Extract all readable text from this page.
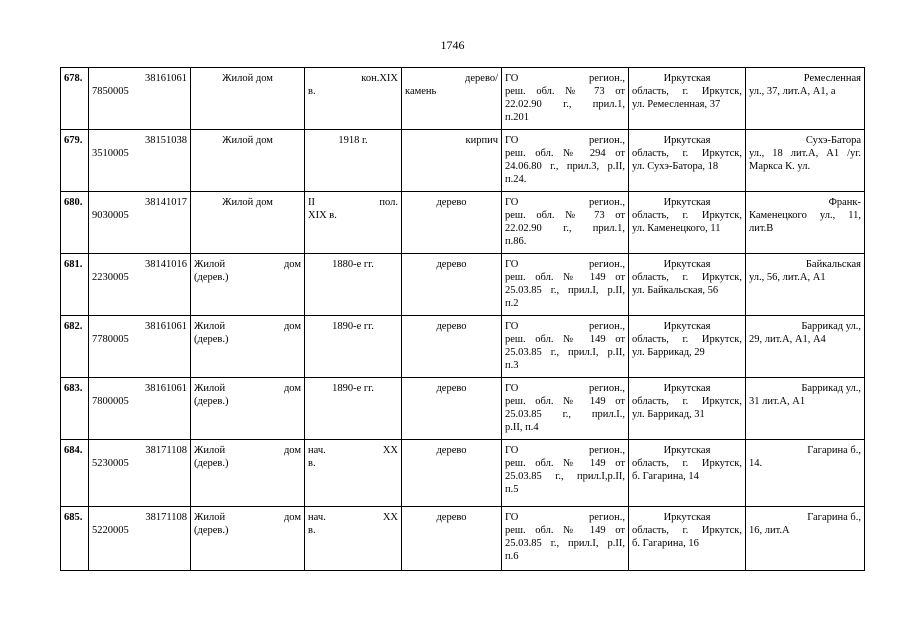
1746
678.	38161061
7850005	Жилой дом	кон.XIX
в.	дерево/
камень	ГО регион.,
реш. обл. № 73 от
22.02.90 г., прил.1,
п.201	Иркутская
область, г. Иркутск,
ул. Ремесленная, 37	Ремесленная
ул., 37, лит.А, А1, а

679.	38151038
3510005	Жилой дом	1918 г.	кирпич	ГО регион.,
реш. обл. № 294 от
24.06.80 г., прил.3, р.II,
п.24.	Иркутская
область, г. Иркутск,
ул. Сухэ-Батора, 18	Сухэ-Батора
ул., 18 лит.А, А1 /уг.
Маркса К. ул.

680.	38141017
9030005	Жилой дом	II пол.
XIX в.	дерево	ГО регион.,
реш. обл. № 73 от
22.02.90 г., прил.1,
п.86.	Иркутская
область, г. Иркутск,
ул. Каменецкого, 11	Франк-
Каменецкого ул., 11,
лит.В

681.	38141016
2230005	Жилой дом
(дерев.)	1880-е гг.	дерево	ГО регион.,
реш. обл. № 149 от
25.03.85 г., прил.I, р.II,
п.2	Иркутская
область, г. Иркутск,
ул. Байкальская, 56	Байкальская
ул., 56, лит.А, А1

682.	38161061
7780005	Жилой дом
(дерев.)	1890-е гг.	дерево	ГО регион.,
реш. обл. № 149 от
25.03.85 г., прил.I, р.II,
п.3	Иркутская
область, г. Иркутск,
ул. Баррикад, 29	Баррикад ул.,
29, лит.А, А1, А4

683.	38161061
7800005	Жилой дом
(дерев.)	1890-е гг.	дерево	ГО регион.,
реш. обл. № 149 от
25.03.85 г., прил.I.,
р.II, п.4	Иркутская
область, г. Иркутск,
ул. Баррикад, 31	Баррикад ул.,
31 лит.А, А1

684.	38171108
5230005	Жилой дом
(дерев.)	нач. XX
в.	дерево	ГО регион.,
реш. обл. № 149 от
25.03.85 г., прил.I,р.II,
п.5	Иркутская
область, г. Иркутск,
б. Гагарина, 14	Гагарина б.,
14.

685.	38171108
5220005	Жилой дом
(дерев.)	нач. XX
в.	дерево	ГО регион.,
реш. обл. № 149 от
25.03.85 г., прил.I, р.II,
п.6	Иркутская
область, г. Иркутск,
б. Гагарина, 16	Гагарина б.,
16, лит.А
